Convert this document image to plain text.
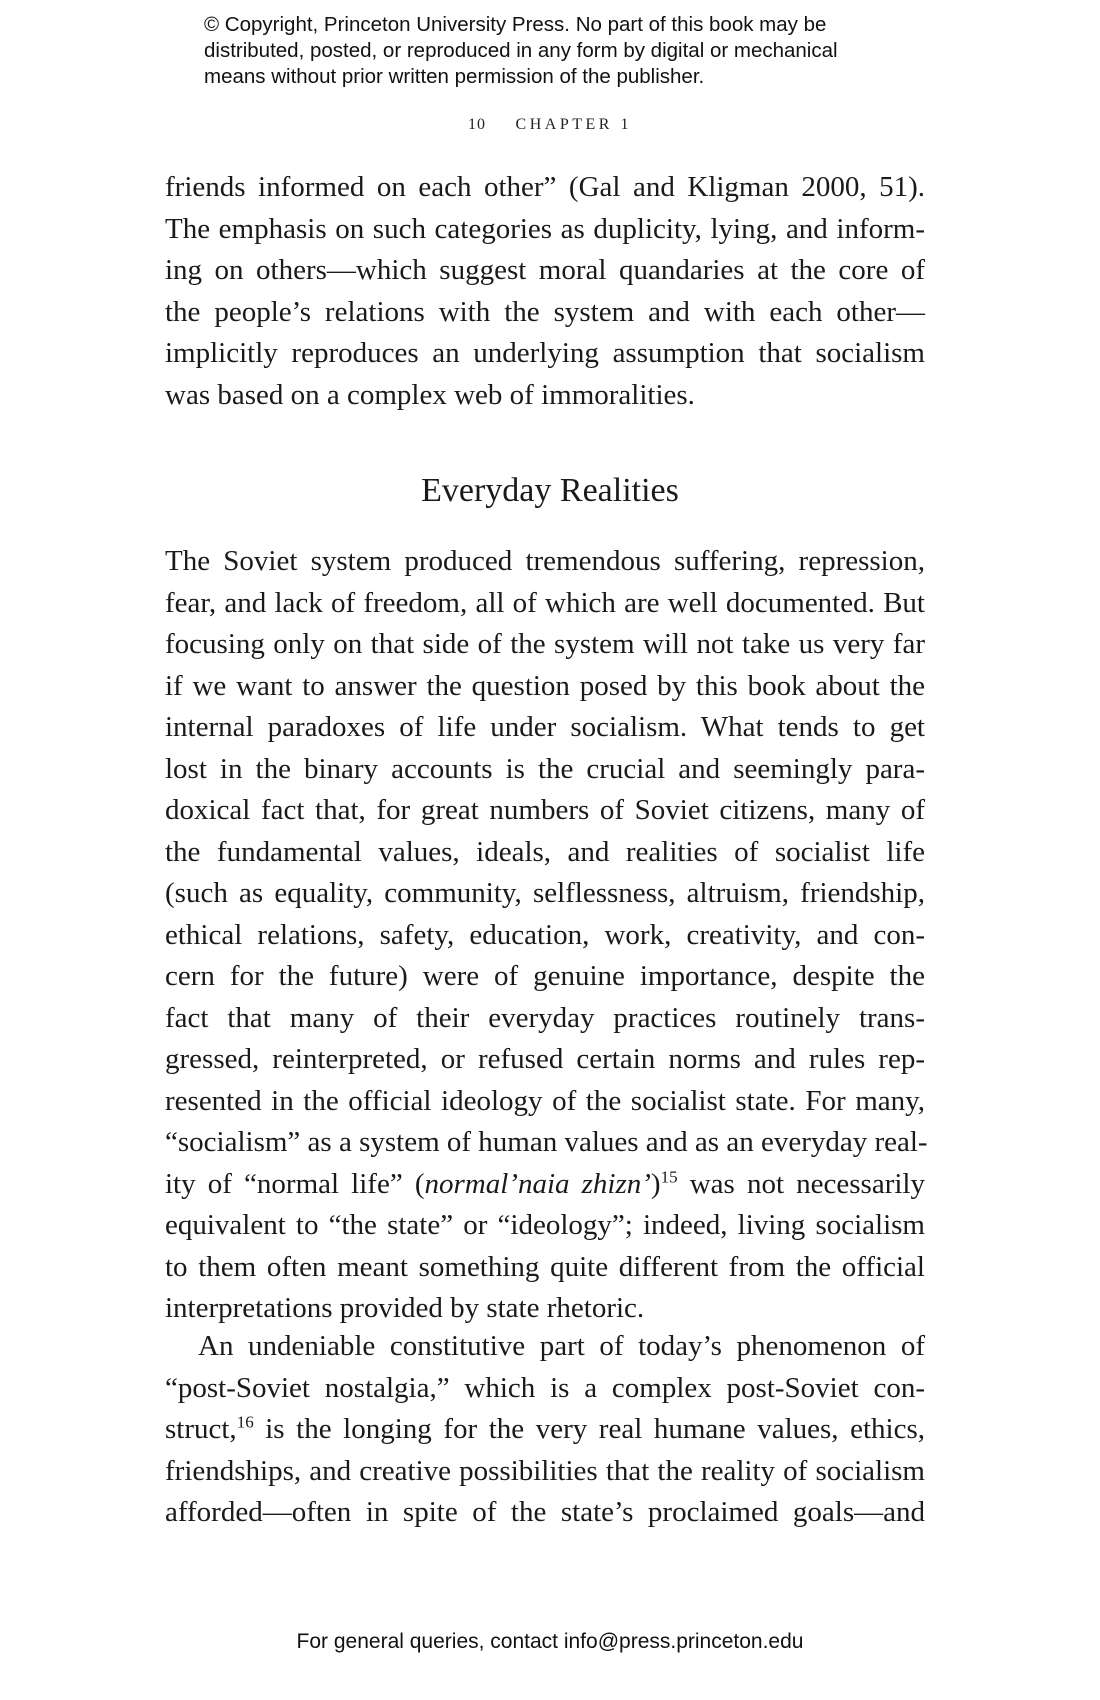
© Copyright, Princeton University Press. No part of this book may be
distributed, posted, or reproduced in any form by digital or mechanical
means without prior written permission of the publisher.
10 CHAPTER 1
friends informed on each other” (Gal and Kligman 2000, 51).
The emphasis on such categories as duplicity, lying, and inform-
ing on others—which suggest moral quandaries at the core of
the people’s relations with the system and with each other—
implicitly reproduces an underlying assumption that socialism
was based on a complex web of immoralities.
Everyday Realities
The Soviet system produced tremendous suffering, repression,
fear, and lack of freedom, all of which are well documented. But
focusing only on that side of the system will not take us very far
if we want to answer the question posed by this book about the
internal paradoxes of life under socialism. What tends to get
lost in the binary accounts is the crucial and seemingly para-
doxical fact that, for great numbers of Soviet citizens, many of
the fundamental values, ideals, and realities of socialist life
(such as equality, community, selflessness, altruism, friendship,
ethical relations, safety, education, work, creativity, and con-
cern for the future) were of genuine importance, despite the
fact that many of their everyday practices routinely trans-
gressed, reinterpreted, or refused certain norms and rules rep-
resented in the official ideology of the socialist state. For many,
“socialism” as a system of human values and as an everyday real-
ity of “normal life” (normal’naia zhizn’)$^{15}$ was not necessarily
equivalent to “the state” or “ideology”; indeed, living socialism
to them often meant something quite different from the official
interpretations provided by state rhetoric.
An undeniable constitutive part of today’s phenomenon of
“post-Soviet nostalgia,” which is a complex post-Soviet con-
struct,$^{16}$ is the longing for the very real humane values, ethics,
friendships, and creative possibilities that the reality of socialism
afforded—often in spite of the state’s proclaimed goals—and
For general queries, contact info@press.princeton.edu
